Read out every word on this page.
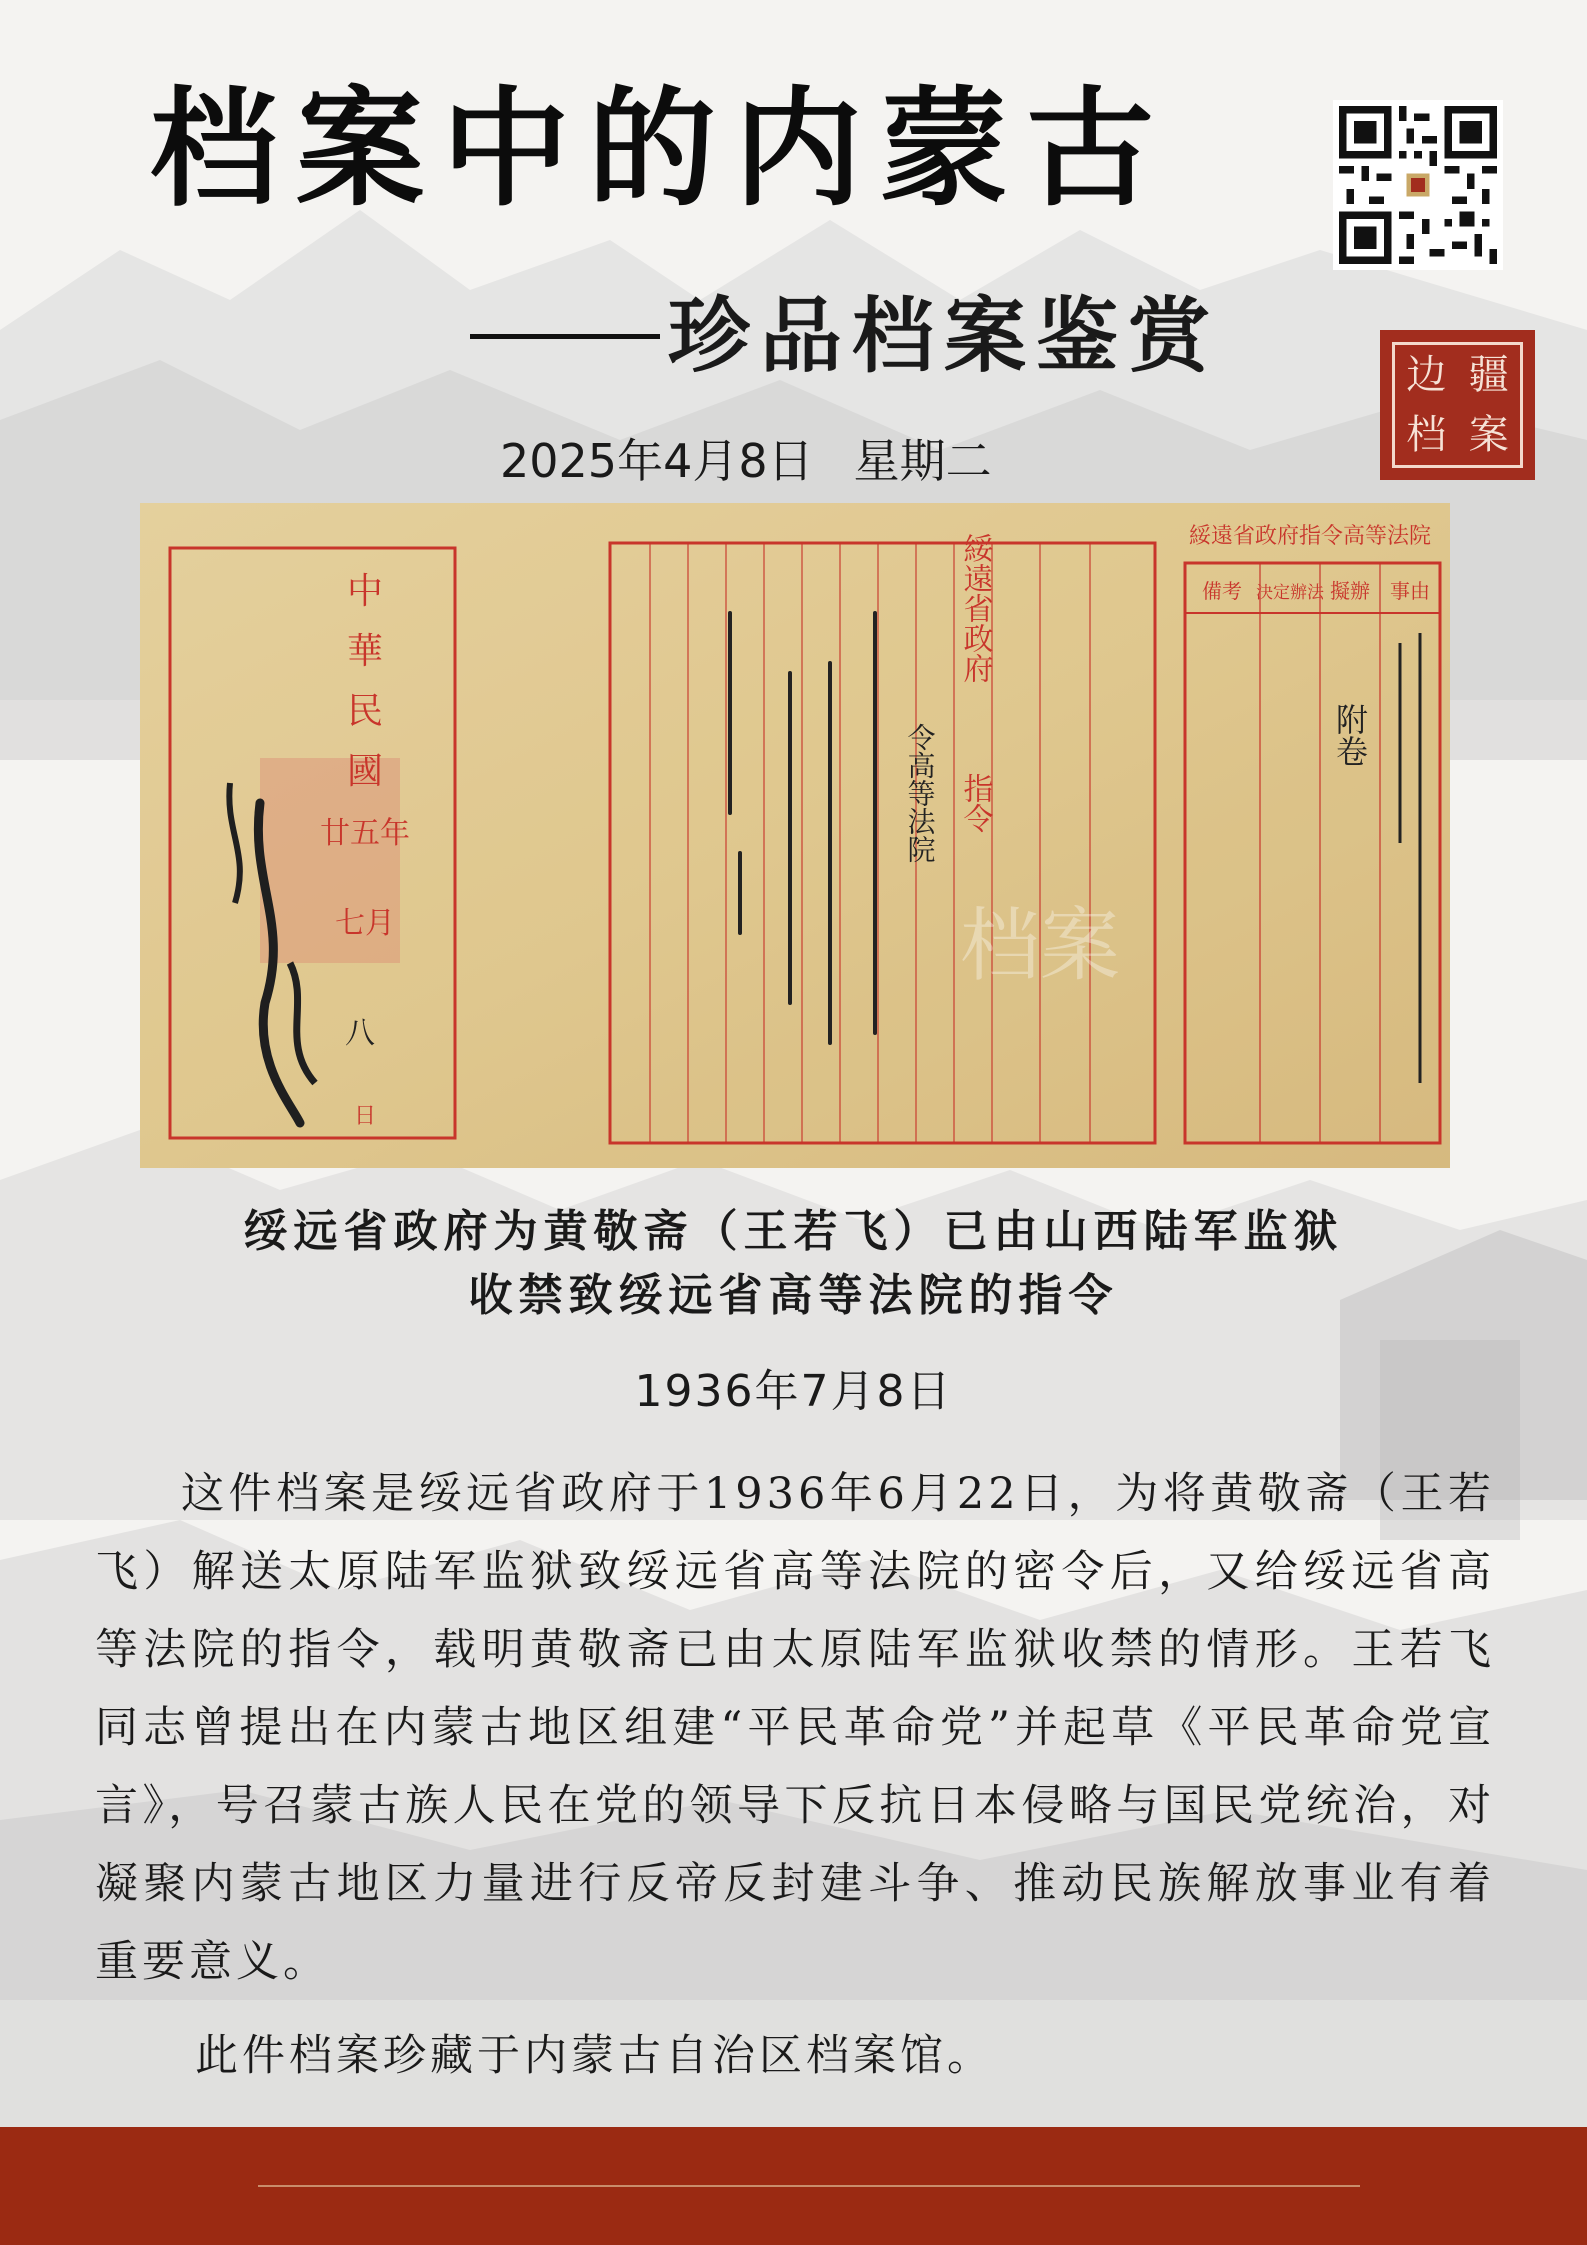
档案中的内蒙古
珍品档案鉴赏
2025年4月8日 星期二
边 疆
档 案
中
華
民
國
廿五年
七月
日
八
綏遠省政府
指令
令高等法院
綏遠省政府指令高等法院
事由
擬辦
決定辦法
備考
附卷
档案
绥远省政府为黄敬斋（王若飞）已由山西陆军监狱
收禁致绥远省高等法院的指令
1936年7月8日

这件档案是绥远省政府于1936年6月22日，为将黄敬斋（王若飞）解送太原陆军监狱致绥远省高等法院的密令后，又给绥远省高等法院的指令，载明黄敬斋已由太原陆军监狱收禁的情形。王若飞同志曾提出在内蒙古地区组建“平民革命党”并起草《平民革命党宣言》，号召蒙古族人民在党的领导下反抗日本侵略与国民党统治，对凝聚内蒙古地区力量进行反帝反封建斗争、推动民族解放事业有着重要意义。

此件档案珍藏于内蒙古自治区档案馆。
